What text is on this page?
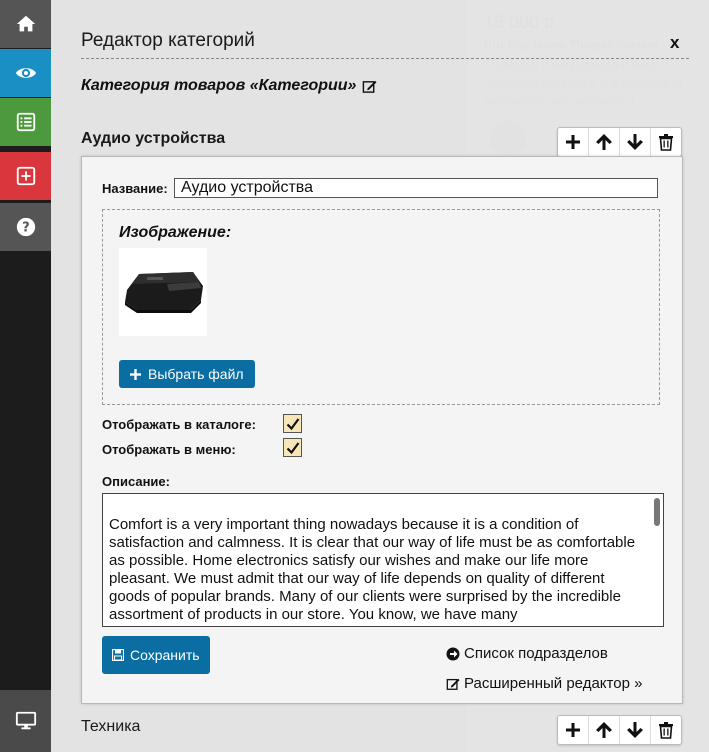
?
Редактор категорий	x
Категория товаров «Категории»
Аудио устройства
Название:
Аудио устройства
Изображение:
Выбрать файл
Отображать в каталоге:
Отображать в меню:
Описание:
Comfort is a very important thing nowadays because it is a condition of satisfaction and calmness. It is clear that our way of life must be as comfortable as possible. Home electronics satisfy our wishes and make our life more pleasant. We must admit that our way of life depends on quality of different goods of popular brands. Many of our clients were surprised by the incredible assortment of products in our store. You know, we have many
Сохранить	Список подразделов
Расширенный редактор »
Техника
